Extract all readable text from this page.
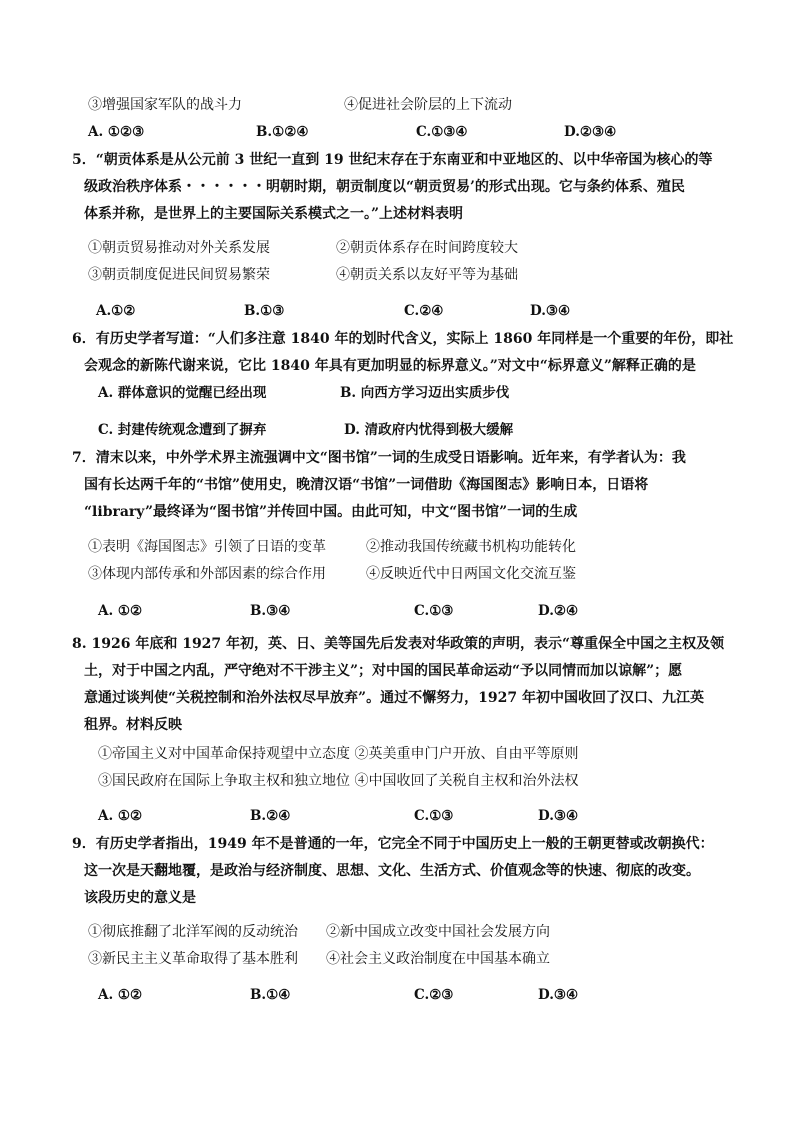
③增强国家军队的战斗力	④促进社会阶层的上下流动
A. ①②③	B.①②④	C.①③④	D.②③④
5．“朝贡体系是从公元前 3 世纪一直到 19 世纪末存在于东南亚和中亚地区的、以中华帝国为核心的等
级政治秩序体系・・・・・・明朝时期，朝贡制度以“朝贡贸易’的形式出现。它与条约体系、殖民
体系并称，是世界上的主要国际关系模式之一。”上述材料表明
①朝贡贸易推动对外关系发展	②朝贡体系存在时间跨度较大
③朝贡制度促进民间贸易繁荣	④朝贡关系以友好平等为基础
A.①②	B.①③	C.②④	D.③④
6．有历史学者写道：“人们多注意 1840 年的划时代含义，实际上 1860 年同样是一个重要的年份，即社
会观念的新陈代谢来说，它比 1840 年具有更加明显的标界意义。”对文中“标界意义”解释正确的是
A. 群体意识的觉醒已经出现	B. 向西方学习迈出实质步伐
C. 封建传统观念遭到了摒弃	D. 清政府内忧得到极大缓解
7．清末以来，中外学术界主流强调中文“图书馆”一词的生成受日语影响。近年来，有学者认为：我
国有长达两千年的“书馆”使用史，晚清汉语“书馆”一词借助《海国图志》影响日本，日语将
“library”最终译为“图书馆”并传回中国。由此可知，中文“图书馆”一词的生成
①表明《海国图志》引领了日语的变革	②推动我国传统藏书机构功能转化
③体现内部传承和外部因素的综合作用	④反映近代中日两国文化交流互鉴
A. ①②	B.③④	C.①③	D.②④
8. 1926 年底和 1927 年初，英、日、美等国先后发表对华政策的声明，表示“尊重保全中国之主权及领
土，对于中国之内乱，严守绝对不干涉主义”；对中国的国民革命运动“予以同情而加以谅解”；愿
意通过谈判使“关税控制和治外法权尽早放弃”。通过不懈努力，1927 年初中国收回了汉口、九江英
租界。材料反映
①帝国主义对中国革命保持观望中立态度 ②英美重申门户开放、自由平等原则
③国民政府在国际上争取主权和独立地位 ④中国收回了关税自主权和治外法权
A. ①②	B.②④	C.①③	D.③④
9．有历史学者指出，1949 年不是普通的一年，它完全不同于中国历史上一般的王朝更替或改朝换代：
这一次是天翻地覆，是政治与经济制度、思想、文化、生活方式、价值观念等的快速、彻底的改变。
该段历史的意义是
①彻底推翻了北洋军阀的反动统治 ②新中国成立改变中国社会发展方向
③新民主主义革命取得了基本胜利 ④社会主义政治制度在中国基本确立
A. ①②	B.①④	C.②③	D.③④
